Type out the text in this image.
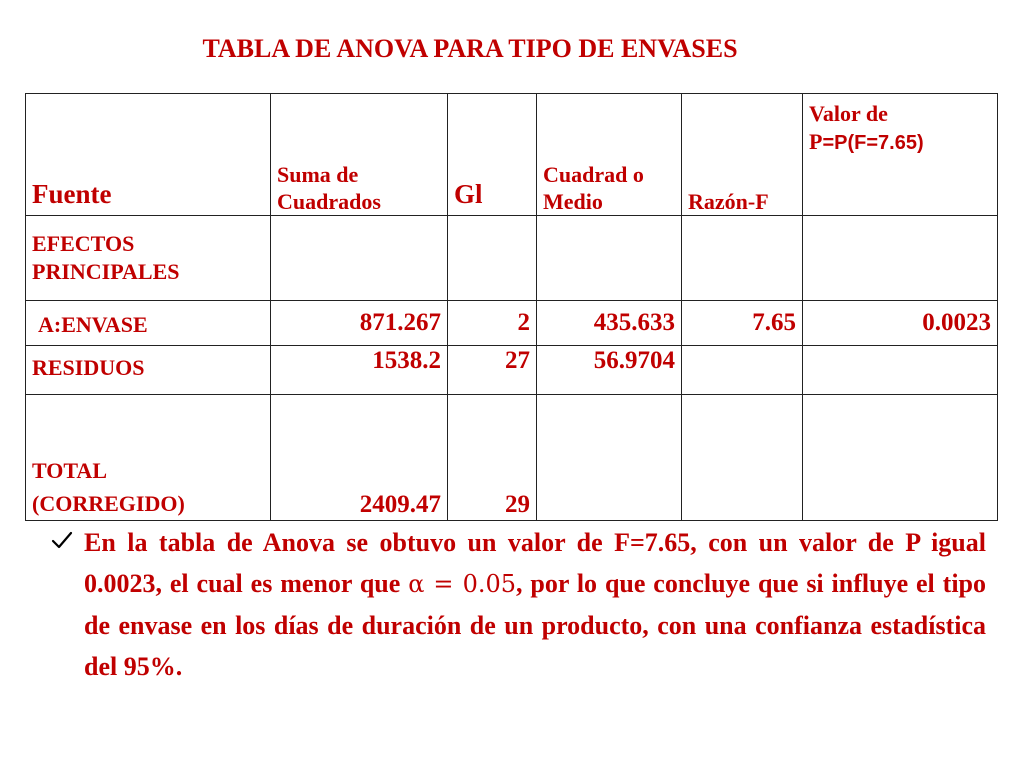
TABLA DE ANOVA PARA TIPO DE ENVASES
Fuente	Suma de Cuadrados	Gl	Cuadrad o Medio	Razón-F	Valor de P=P(F=7.65)
EFECTOS PRINCIPALES					
A:ENVASE	871.267	2	435.633	7.65	0.0023
RESIDUOS	1538.2	27	56.9704		
TOTAL (CORREGIDO)	2409.47	29			
En la tabla de Anova se obtuvo un valor de F=7.65, con un valor de P igual 0.0023, el cual es menor que α = 0.05, por lo que concluye que si influye el tipo de envase en los días de duración de un producto, con una confianza estadística del 95%.
